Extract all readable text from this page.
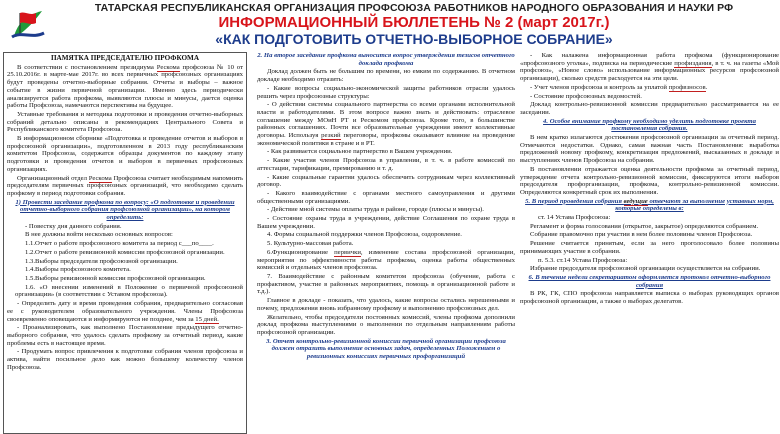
ТАТАРСКАЯ РЕСПУБЛИКАНСКАЯ ОРГАНИЗАЦИЯ ПРОФСОЮЗА РАБОТНИКОВ НАРОДНОГО ОБРАЗОВАНИЯ И НАУКИ РФ
ИНФОРМАЦИОННЫЙ БЮЛЛЕТЕНЬ № 2 (март 2017г.)
«КАК ПОДГОТОВИТЬ ОТЧЕТНО-ВЫБОРНОЕ СОБРАНИЕ»

ПАМЯТКА ПРЕДСЕДАТЕЛЮ ПРОФКОМА

В соответствии с постановлением президиума Рескома профсоюза № 10 от 25.10.2016г. в марте-мае 2017г. во всех первичных профсоюзных организациях будут проведены отчетно-выборные собрания. Отчеты и выборы – важное событие в жизни первичной организации. Именно здесь периодически анализируется работа профкома, выявляются плюсы и минусы, дается оценка работы Профсоюза, намечаются перспективы на будущее.

Уставные требования и методика подготовки и проведения отчетно-выборных собраний детально описаны в рекомендациях Центрального Совета и Республиканского комитета Профсоюза.

В информационном сборнике «Подготовка и проведение отчетов и выборов в профсоюзной организации», подготовленном в 2013 году республиканским комитетом Профсоюза, содержатся образцы документов по каждому этапу подготовки и проведения отчетов и выборов в первичных профсоюзных организациях.

Организационный отдел Рескома Профсоюза считает необходимым напомнить председателям первичных профсоюзных организаций, что необходимо сделать профкому в период подготовки собрания.

1) Провести заседание профкома по вопросу: «О подготовке и проведении отчетно-выборного собрания профсоюзной организации», на котором определить:

- Повестку дня данного собрания.

В нее должны войти несколько основных вопросов:

1.1.Отчет о работе профсоюзного комитета за период с___по____.

1.2.Отчет о работе ревизионной комиссии профсоюзной организации.

1.3.Выборы председателя профсоюзной организации.

1.4.Выборы профсоюзного комитета.

1.5.Выборы ревизионной комиссии профсоюзной организации.

1.6. «О внесении изменений в Положение о первичной профсоюзной организации» (в соответствии с Уставом профсоюза).

- Определить дату и время проведения собрания, предварительно согласовав ее с руководителем образовательного учреждения. Члены Профсоюза своевременно оповещаются и информируются не позднее, чем за 15 дней.

- Проанализировать, как выполнено Постановление предыдущего отчетно-выборного собрания, что удалось сделать профкому за отчетный период, какие проблемы есть в настоящее время.

- Продумать вопрос привлечения к подготовке собрания членов профсоюза и актива, найти посильное дело как можно большему количеству членов Профсоюза.

2. На второе заседание профкома выносится вопрос утверждения тезисов отчетного доклада профкома

Доклад должен быть не большим по времени, но емким по содержанию. В отчетном докладе необходимо отразить:

- Какие вопросы социально-экономической защиты работников отрасли удалось решить через профсоюзные структуры:

- О действии системы социального партнерства со всеми органами исполнительной власти и работодателями. В этом вопросе важно знать и действовать: отраслевое соглашение между МОиН РТ и Рескомом профсоюза. Кроме того, в большинстве районных соглашениях. Почти все образовательные учреждения имеют коллективные договоры. Используя резкий переговоры, профкомы оказывают влияние на проведение экономической политики в стране и в РТ.

- Как развивается социальное партнерство в Вашем учреждении.

- Какие участия членов Профсоюза в управлении, в т. ч. в работе комиссий по аттестации, тарификации, премированию и т. д.

- Какие социальные гарантии удалось обеспечить сотрудникам через коллективный договор.

- Какого взаимодействие с органами местного самоуправления и другими общественными организациями.

- Действие мной системы оплаты труда в районе, городе (плюсы и минусы).

- Состояние охраны труда в учреждении, действие Соглашения по охране труда в Вашем учреждении.

4. Формы социальной поддержки членов Профсоюза, оздоровление.

5. Культурно-массовая работа.

6.Функционирование первички, изменение состава профсоюзной организации, мероприятия по эффективности работы профкома, оценка работы общественных комиссий и отдельных членов профсоюза.

7. Взаимодействие с районным комитетом профсоюза (обучение, работа с профактивом, участие в районных мероприятиях, помощь в организационной работе и т.д.).

Главное в докладе - показать, что удалось, какие вопросы остались нерешенными и почему, предложения вновь избранному профкому и выполнению профсоюзных дел.

Желательно, чтобы председатели постоянных комиссий, члены профкома дополнили доклад профкома выступлениями о выполнении по отдельным направлениям работы профсоюзной организации.

3. Отчет контрольно-ревизионной комиссии первичной организации профсоюза должен отразить выполнение основных задач, определенных Положением о ревизионных комиссиях первичных профорганизаций

- Как налажена информационная работа профкома (функционирование «профсоюзного уголка», подписка на периодические профиздания, в т. ч. на газеты «Мой профсоюз», «Новое слово» использование информационных ресурсов профсоюзной организации), сколько средств расходуется на эти цели.

- Учет членов профсоюза и контроль за уплатой профвзносов.

- Состояние профсоюзных ведомостей.

Доклад контрольно-ревизионной комиссии предварительно рассматривается на ее заседании.

4. Особое внимание профкому необходимо уделить подготовке проекта постановления собрания.

В нем кратко излагаются достижения профсоюзной организации за отчетный период. Отмечаются недостатки. Однако, самая важная часть Постановления: выработка предложений новому профкому, конкретизация предложений, высказанных в докладе и выступлениях членов Профсоюза на собрании.

В постановлении отражается оценка деятельности профкома за отчетный период, утверждение отчета контрольно-ревизионной комиссии, фиксируются итоги выборов председателя профорганизации, профкома, контрольно-ревизионной комиссии. Определяются конкретный срок их выполнения.

5. В период проведения собрания ведущие отвечают за выполнение уставных норм, которые определены в:

ст. 14 Устава Профсоюза:

Регламент и форма голосования (открытое, закрытое) определяются собранием.

Собрание правомочно при участии в нем более половины членов Профсоюза.

Решение считается принятым, если за него проголосовало более половины принимающих участие в собрании.

п. 5.3. ст.14 Устава Профсоюза:

Избрание председателя профсоюзной организации осуществляется на собрании.

6. В течение недели секретариатом оформляется протокол отчетно-выборного собрания

В РК, ГК, СПО профсоюза направляется выписка о выборах руководящих органов профсоюзной организации, а также о выборах делегатов.
